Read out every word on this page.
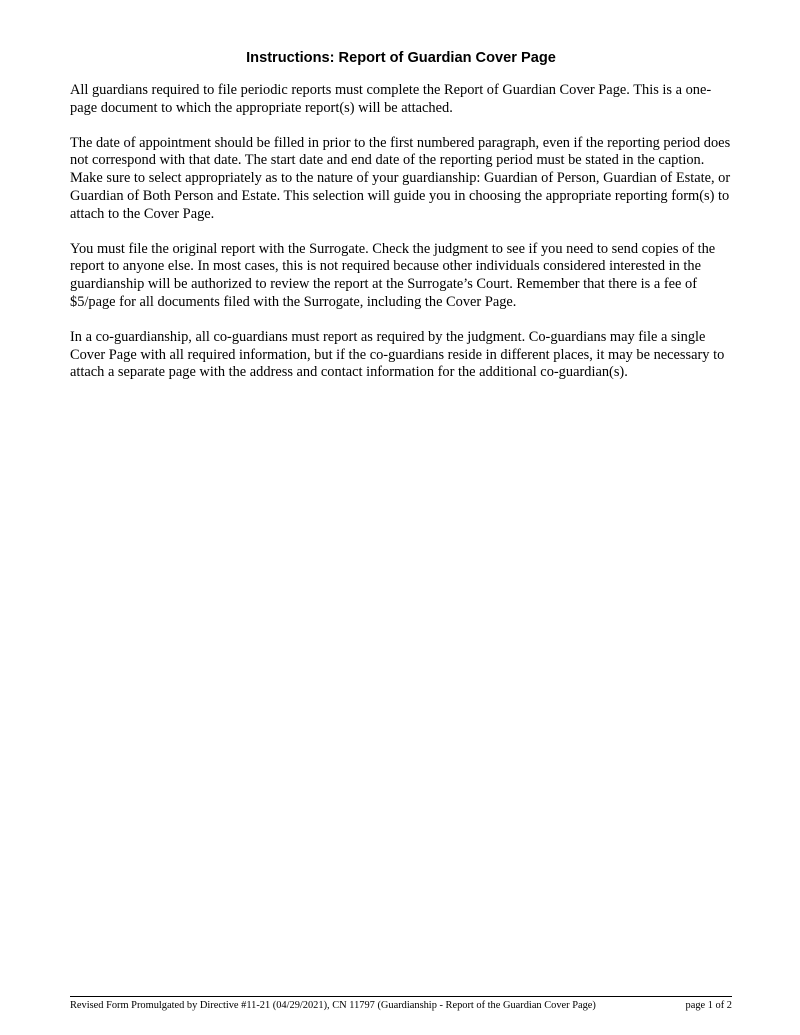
Instructions: Report of Guardian Cover Page

All guardians required to file periodic reports must complete the Report of Guardian Cover Page. This is a one-page document to which the appropriate report(s) will be attached.

The date of appointment should be filled in prior to the first numbered paragraph, even if the reporting period does not correspond with that date. The start date and end date of the reporting period must be stated in the caption. Make sure to select appropriately as to the nature of your guardianship: Guardian of Person, Guardian of Estate, or Guardian of Both Person and Estate. This selection will guide you in choosing the appropriate reporting form(s) to attach to the Cover Page.

You must file the original report with the Surrogate. Check the judgment to see if you need to send copies of the report to anyone else. In most cases, this is not required because other individuals considered interested in the guardianship will be authorized to review the report at the Surrogate’s Court. Remember that there is a fee of $5/page for all documents filed with the Surrogate, including the Cover Page.

In a co-guardianship, all co-guardians must report as required by the judgment. Co-guardians may file a single Cover Page with all required information, but if the co-guardians reside in different places, it may be necessary to attach a separate page with the address and contact information for the additional co-guardian(s).

Revised Form Promulgated by Directive #11-21 (04/29/2021), CN 11797 (Guardianship - Report of the Guardian Cover Page)	page 1 of 2
